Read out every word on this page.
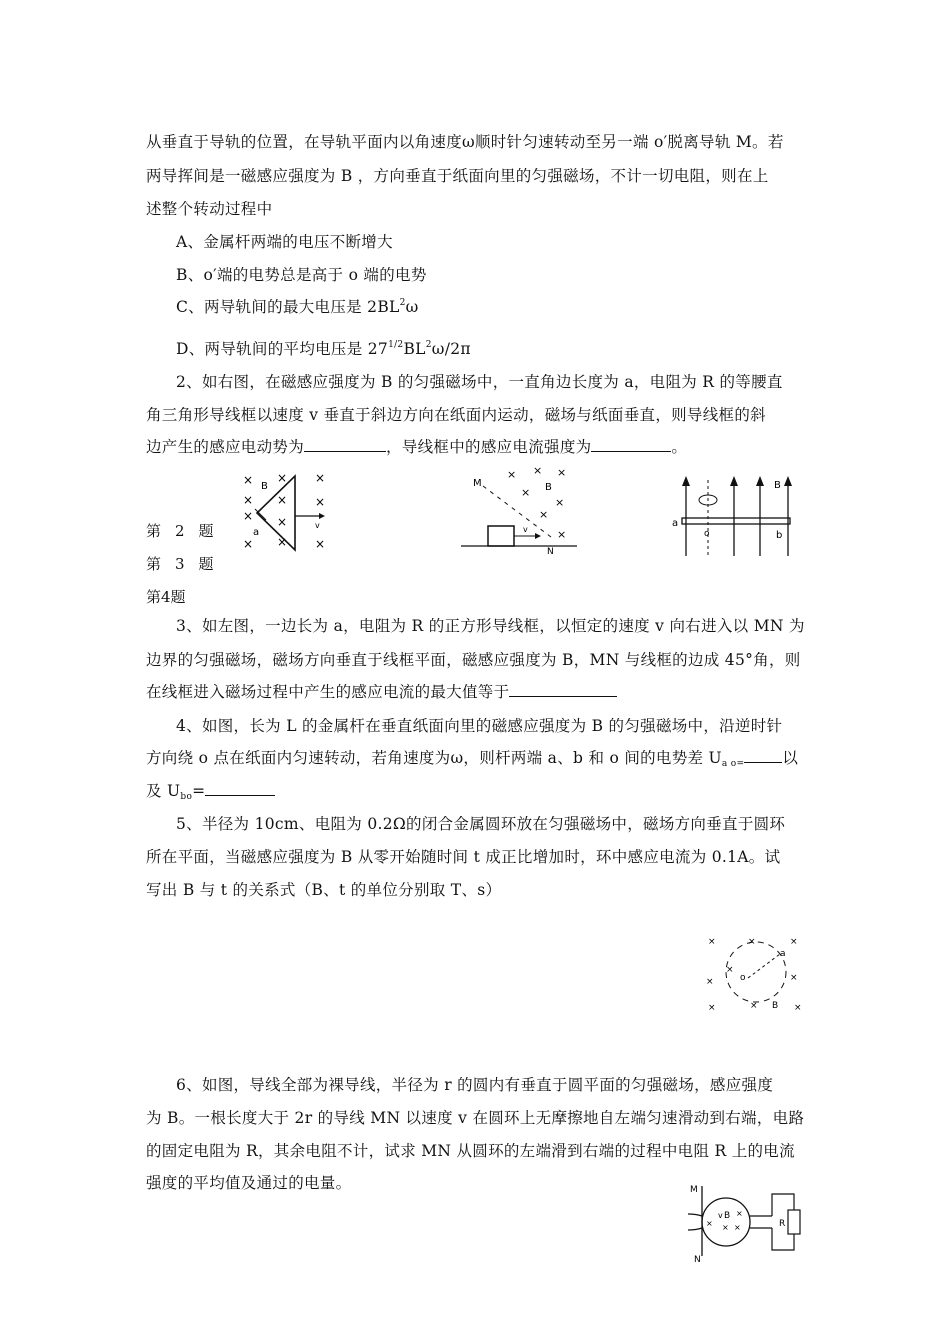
从垂直于导轨的位置，在导轨平面内以角速度ω顺时针匀速转动至另一端 o′脱离导轨 M。若
两导挥间是一磁感应强度为 B ，方向垂直于纸面向里的匀强磁场，不计一切电阻，则在上
述整个转动过程中
A、金属杆两端的电压不断增大
B、o′端的电势总是高于 o 端的电势
C、两导轨间的最大电压是 $2BL^2\omega$
D、两导轨间的平均电压是 $27^{1/2}BL^2\omega/2\pi$
2、如右图，在磁感应强度为 B 的匀强磁场中，一直角边长度为 a，电阻为 R 的等腰直
角三角形导线框以速度 v 垂直于斜边方向在纸面内运动，磁场与纸面垂直，则导线框的斜
边产生的感应电动势为	，导线框中的感应电流强度为	。
v
B
a
× × ×
× ×
× ×
×
× × ×
M	B
N
v
× × ×
×
×
×
×
a
b
B
o
第2题
第3题
第4题
3、如左图，一边长为 a，电阻为 R 的正方形导线框，以恒定的速度 v 向右进入以 MN 为
边界的匀强磁场，磁场方向垂直于线框平面，磁感应强度为 B，MN 与线框的边成 45°角，则
在线框进入磁场过程中产生的感应电流的最大值等于
4、如图，长为 L 的金属杆在垂直纸面向里的磁感应强度为 B 的匀强磁场中，沿逆时针
方向绕 o 点在纸面内匀速转动，若角速度为ω，则杆两端 a、b 和 o 间的电势差 $U_{a o=}$ 以
及 $U_{bo}=$
5、半径为 10cm、电阻为 0.2Ω的闭合金属圆环放在匀强磁场中，磁场方向垂直于圆环
所在平面，当磁感应强度为 B 从零开始随时间 t 成正比增加时，环中感应电流为 0.1A。试
写出 B 与 t 的关系式（B、t 的单位分别取 T、s）
o
a
B
×	×	×
×
×
×
×	×	×
6、如图，导线全部为裸导线，半径为 r 的圆内有垂直于圆平面的匀强磁场，感应强度
为 B。一根长度大于 2r 的导线 MN 以速度 v 在圆环上无摩擦地自左端匀速滑动到右端，电路
的固定电阻为 R，其余电阻不计，试求 MN 从圆环的左端滑到右端的过程中电阻 R 上的电流
强度的平均值及通过的电量。	M
N
R
B
v
×
×
× ×
